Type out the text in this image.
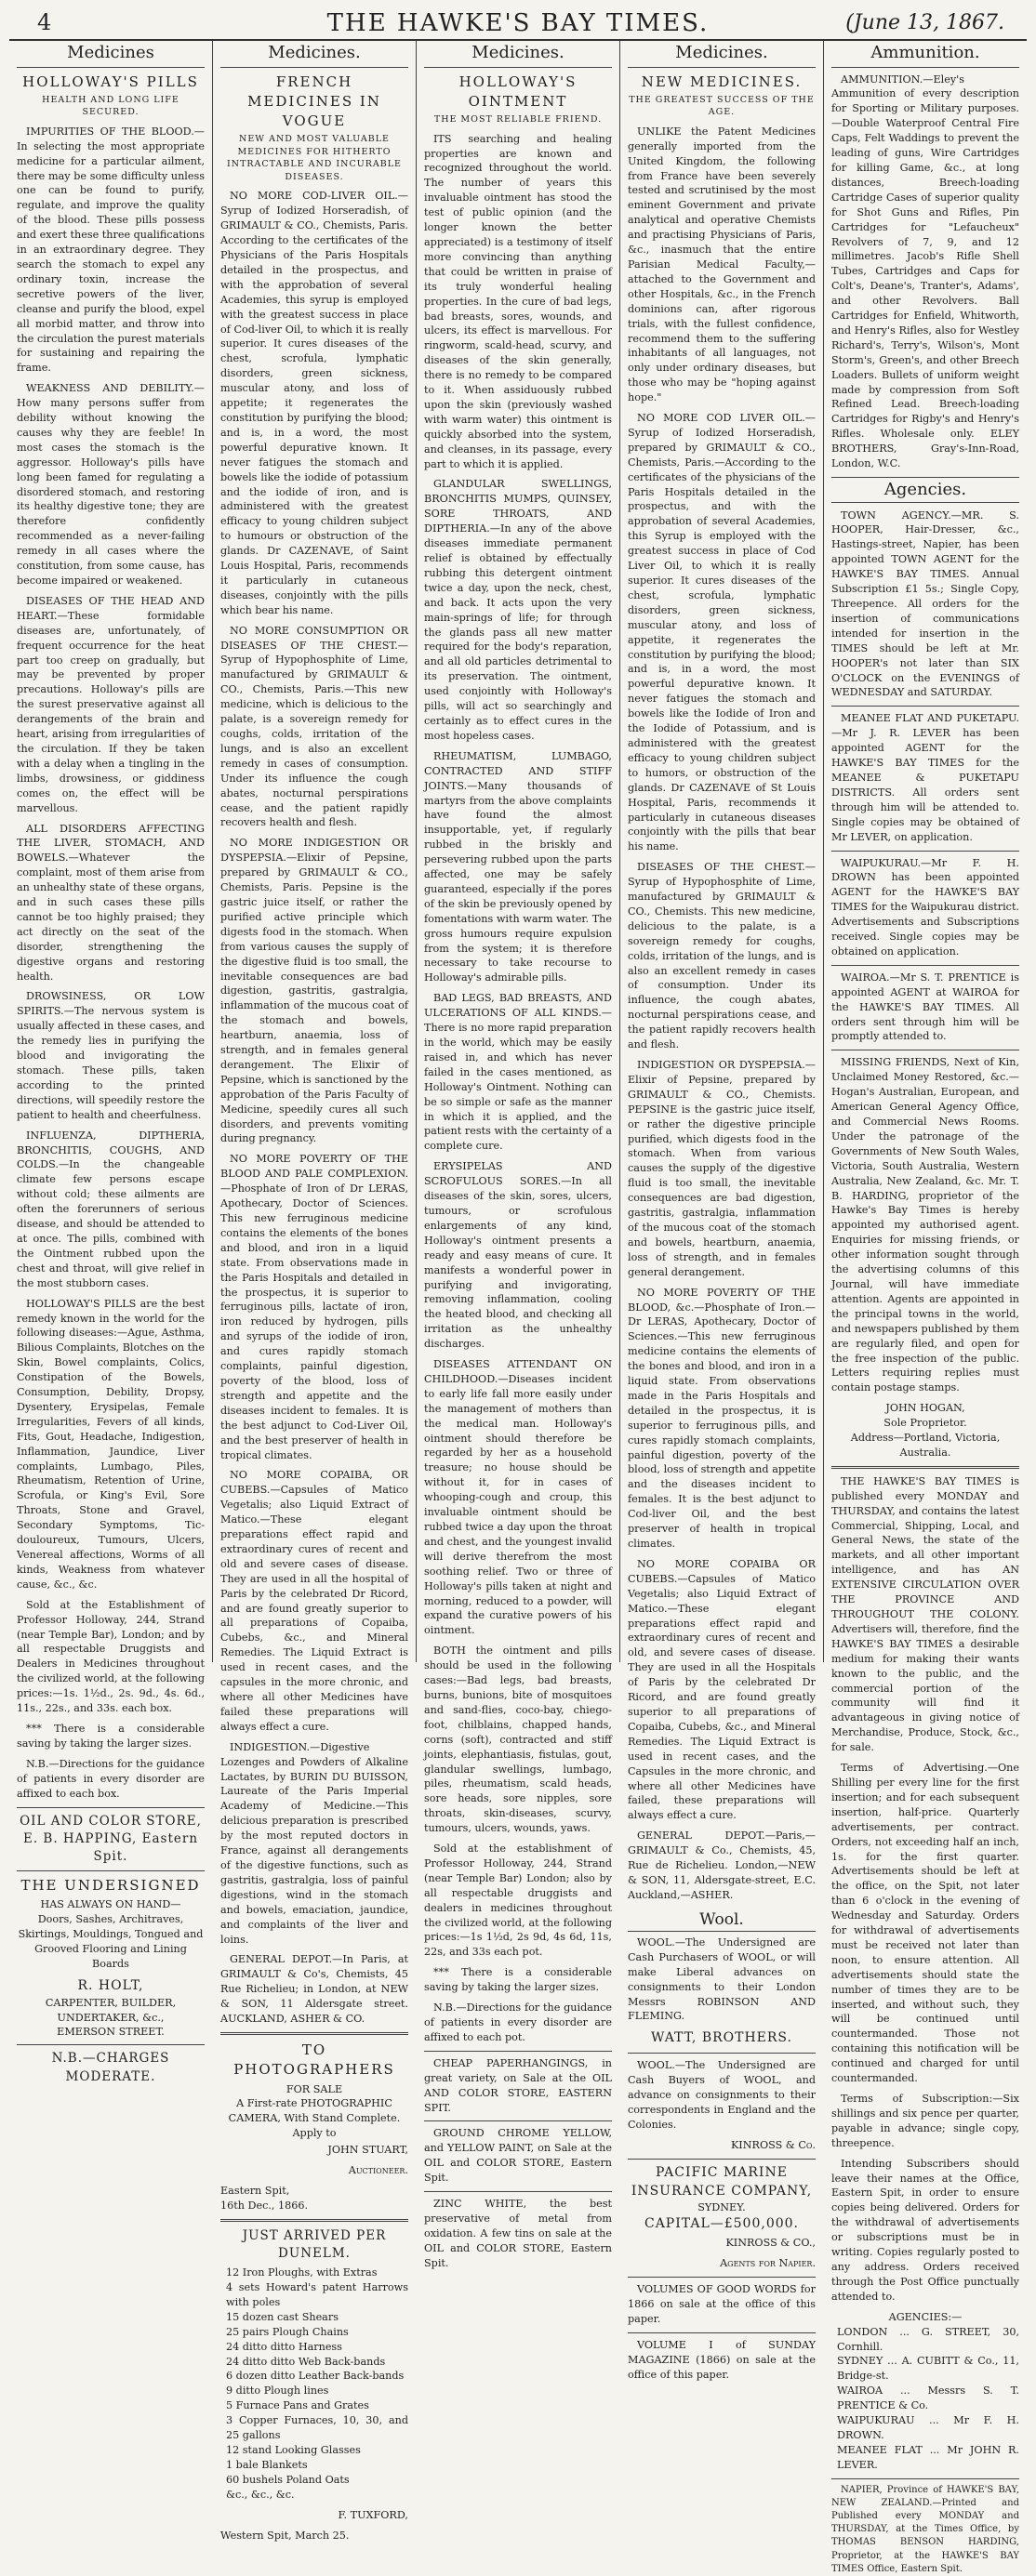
4	THE HAWKE'S BAY TIMES.	(June 13, 1867.
Medicines
HOLLOWAY'S PILLS
HEALTH AND LONG LIFE SECURED.

IMPURITIES OF THE BLOOD.—In selecting the most appropriate medicine for a particular ailment, there may be some difficulty unless one can be found to purify, regulate, and improve the quality of the blood. These pills possess and exert these three qualifications in an extraordinary degree. They search the stomach to expel any ordinary toxin, increase the secretive powers of the liver, cleanse and purify the blood, expel all morbid matter, and throw into the circulation the purest materials for sustaining and repairing the frame.

WEAKNESS AND DEBILITY.—How many persons suffer from debility without knowing the causes why they are feeble! In most cases the stomach is the aggressor. Holloway's pills have long been famed for regulating a disordered stomach, and restoring its healthy digestive tone; they are therefore confidently recommended as a never-failing remedy in all cases where the constitution, from some cause, has become impaired or weakened.

DISEASES OF THE HEAD AND HEART.—These formidable diseases are, unfortunately, of frequent occurrence for the heat part too creep on gradually, but may be prevented by proper precautions. Holloway's pills are the surest preservative against all derangements of the brain and heart, arising from irregularities of the circulation. If they be taken with a delay when a tingling in the limbs, drowsiness, or giddiness comes on, the effect will be marvellous.

ALL DISORDERS AFFECTING THE LIVER, STOMACH, AND BOWELS.—Whatever the complaint, most of them arise from an unhealthy state of these organs, and in such cases these pills cannot be too highly praised; they act directly on the seat of the disorder, strengthening the digestive organs and restoring health.

DROWSINESS, OR LOW SPIRITS.—The nervous system is usually affected in these cases, and the remedy lies in purifying the blood and invigorating the stomach. These pills, taken according to the printed directions, will speedily restore the patient to health and cheerfulness.

INFLUENZA, DIPTHERIA, BRONCHITIS, COUGHS, AND COLDS.—In the changeable climate few persons escape without cold; these ailments are often the forerunners of serious disease, and should be attended to at once. The pills, combined with the Ointment rubbed upon the chest and throat, will give relief in the most stubborn cases.

HOLLOWAY'S PILLS are the best remedy known in the world for the following diseases:—Ague, Asthma, Bilious Complaints, Blotches on the Skin, Bowel complaints, Colics, Constipation of the Bowels, Consumption, Debility, Dropsy, Dysentery, Erysipelas, Female Irregularities, Fevers of all kinds, Fits, Gout, Headache, Indigestion, Inflammation, Jaundice, Liver complaints, Lumbago, Piles, Rheumatism, Retention of Urine, Scrofula, or King's Evil, Sore Throats, Stone and Gravel, Secondary Symptoms, Tic-douloureux, Tumours, Ulcers, Venereal affections, Worms of all kinds, Weakness from whatever cause, &c., &c.

Sold at the Establishment of Professor Holloway, 244, Strand (near Temple Bar), London; and by all respectable Druggists and Dealers in Medicines throughout the civilized world, at the following prices:—1s. 1½d., 2s. 9d., 4s. 6d., 11s., 22s., and 33s. each box.

*** There is a considerable saving by taking the larger sizes.

N.B.—Directions for the guidance of patients in every disorder are affixed to each box.

OIL AND COLOR STORE, E. B. HAPPING, Eastern Spit.
THE UNDERSIGNED
HAS ALWAYS ON HAND—

Doors, Sashes, Architraves, Skirtings, Mouldings, Tongued and Grooved Flooring and Lining Boards

R. HOLT,
CARPENTER, BUILDER, UNDERTAKER, &c.,
EMERSON STREET.
N.B.—CHARGES MODERATE.
Medicines.
FRENCH MEDICINES IN VOGUE
NEW AND MOST VALUABLE MEDICINES FOR HITHERTO INTRACTABLE AND INCURABLE DISEASES.

NO MORE COD-LIVER OIL.—Syrup of Iodized Horseradish, of GRIMAULT & CO., Chemists, Paris. According to the certificates of the Physicians of the Paris Hospitals detailed in the prospectus, and with the approbation of several Academies, this syrup is employed with the greatest success in place of Cod-liver Oil, to which it is really superior. It cures diseases of the chest, scrofula, lymphatic disorders, green sickness, muscular atony, and loss of appetite; it regenerates the constitution by purifying the blood; and is, in a word, the most powerful depurative known. It never fatigues the stomach and bowels like the iodide of potassium and the iodide of iron, and is administered with the greatest efficacy to young children subject to humours or obstruction of the glands. Dr CAZENAVE, of Saint Louis Hospital, Paris, recommends it particularly in cutaneous diseases, conjointly with the pills which bear his name.

NO MORE CONSUMPTION OR DISEASES OF THE CHEST.—Syrup of Hypophosphite of Lime, manufactured by GRIMAULT & CO., Chemists, Paris.—This new medicine, which is delicious to the palate, is a sovereign remedy for coughs, colds, irritation of the lungs, and is also an excellent remedy in cases of consumption. Under its influence the cough abates, nocturnal perspirations cease, and the patient rapidly recovers health and flesh.

NO MORE INDIGESTION OR DYSPEPSIA.—Elixir of Pepsine, prepared by GRIMAULT & CO., Chemists, Paris. Pepsine is the gastric juice itself, or rather the purified active principle which digests food in the stomach. When from various causes the supply of the digestive fluid is too small, the inevitable consequences are bad digestion, gastritis, gastralgia, inflammation of the mucous coat of the stomach and bowels, heartburn, anaemia, loss of strength, and in females general derangement. The Elixir of Pepsine, which is sanctioned by the approbation of the Paris Faculty of Medicine, speedily cures all such disorders, and prevents vomiting during pregnancy.

NO MORE POVERTY OF THE BLOOD AND PALE COMPLEXION.—Phosphate of Iron of Dr LERAS, Apothecary, Doctor of Sciences. This new ferruginous medicine contains the elements of the bones and blood, and iron in a liquid state. From observations made in the Paris Hospitals and detailed in the prospectus, it is superior to ferruginous pills, lactate of iron, iron reduced by hydrogen, pills and syrups of the iodide of iron, and cures rapidly stomach complaints, painful digestion, poverty of the blood, loss of strength and appetite and the diseases incident to females. It is the best adjunct to Cod-Liver Oil, and the best preserver of health in tropical climates.

NO MORE COPAIBA, OR CUBEBS.—Capsules of Matico Vegetalis; also Liquid Extract of Matico.—These elegant preparations effect rapid and extraordinary cures of recent and old and severe cases of disease. They are used in all the hospital of Paris by the celebrated Dr Ricord, and are found greatly superior to all preparations of Copaiba, Cubebs, &c., and Mineral Remedies. The Liquid Extract is used in recent cases, and the capsules in the more chronic, and where all other Medicines have failed these preparations will always effect a cure.

INDIGESTION.—Digestive Lozenges and Powders of Alkaline Lactates, by BURIN DU BUISSON, Laureate of the Paris Imperial Academy of Medicine.—This delicious preparation is prescribed by the most reputed doctors in France, against all derangements of the digestive functions, such as gastritis, gastralgia, loss of painful digestions, wind in the stomach and bowels, emaciation, jaundice, and complaints of the liver and loins.

GENERAL DEPOT.—In Paris, at GRIMAULT & Co's, Chemists, 45 Rue Richelieu; in London, at NEW & SON, 11 Aldersgate street. AUCKLAND, ASHER & CO.

TO PHOTOGRAPHERS
FOR SALE
A First-rate PHOTOGRAPHIC CAMERA, With Stand Complete.
Apply to
JOHN STUART,
Auctioneer.
Eastern Spit,
16th Dec., 1866.
JUST ARRIVED PER DUNELM.
12 Iron Ploughs, with Extras
4 sets Howard's patent Harrows with poles
15 dozen cast Shears
25 pairs Plough Chains
24 ditto ditto Harness
24 ditto ditto Web Back-bands
6 dozen ditto Leather Back-bands
9 ditto Plough lines
5 Furnace Pans and Grates
3 Copper Furnaces, 10, 30, and 25 gallons
12 stand Looking Glasses
1 bale Blankets
60 bushels Poland Oats
&c., &c., &c.
F. TUXFORD,
Western Spit, March 25.
Medicines.
HOLLOWAY'S OINTMENT
THE MOST RELIABLE FRIEND.

ITS searching and healing properties are known and recognized throughout the world. The number of years this invaluable ointment has stood the test of public opinion (and the longer known the better appreciated) is a testimony of itself more convincing than anything that could be written in praise of its truly wonderful healing properties. In the cure of bad legs, bad breasts, sores, wounds, and ulcers, its effect is marvellous. For ringworm, scald-head, scurvy, and diseases of the skin generally, there is no remedy to be compared to it. When assiduously rubbed upon the skin (previously washed with warm water) this ointment is quickly absorbed into the system, and cleanses, in its passage, every part to which it is applied.

GLANDULAR SWELLINGS, BRONCHITIS MUMPS, QUINSEY, SORE THROATS, AND DIPTHERIA.—In any of the above diseases immediate permanent relief is obtained by effectually rubbing this detergent ointment twice a day, upon the neck, chest, and back. It acts upon the very main-springs of life; for through the glands pass all new matter required for the body's reparation, and all old particles detrimental to its preservation. The ointment, used conjointly with Holloway's pills, will act so searchingly and certainly as to effect cures in the most hopeless cases.

RHEUMATISM, LUMBAGO, CONTRACTED AND STIFF JOINTS.—Many thousands of martyrs from the above complaints have found the almost insupportable, yet, if regularly rubbed in the briskly and persevering rubbed upon the parts affected, one may be safely guaranteed, especially if the pores of the skin be previously opened by fomentations with warm water. The gross humours require expulsion from the system; it is therefore necessary to take recourse to Holloway's admirable pills.

BAD LEGS, BAD BREASTS, AND ULCERATIONS OF ALL KINDS.—There is no more rapid preparation in the world, which may be easily raised in, and which has never failed in the cases mentioned, as Holloway's Ointment. Nothing can be so simple or safe as the manner in which it is applied, and the patient rests with the certainty of a complete cure.

ERYSIPELAS AND SCROFULOUS SORES.—In all diseases of the skin, sores, ulcers, tumours, or scrofulous enlargements of any kind, Holloway's ointment presents a ready and easy means of cure. It manifests a wonderful power in purifying and invigorating, removing inflammation, cooling the heated blood, and checking all irritation as the unhealthy discharges.

DISEASES ATTENDANT ON CHILDHOOD.—Diseases incident to early life fall more easily under the management of mothers than the medical man. Holloway's ointment should therefore be regarded by her as a household treasure; no house should be without it, for in cases of whooping-cough and croup, this invaluable ointment should be rubbed twice a day upon the throat and chest, and the youngest invalid will derive therefrom the most soothing relief. Two or three of Holloway's pills taken at night and morning, reduced to a powder, will expand the curative powers of his ointment.

BOTH the ointment and pills should be used in the following cases:—Bad legs, bad breasts, burns, bunions, bite of mosquitoes and sand-flies, coco-bay, chiego-foot, chilblains, chapped hands, corns (soft), contracted and stiff joints, elephantiasis, fistulas, gout, glandular swellings, lumbago, piles, rheumatism, scald heads, sore heads, sore nipples, sore throats, skin-diseases, scurvy, tumours, ulcers, wounds, yaws.

Sold at the establishment of Professor Holloway, 244, Strand (near Temple Bar) London; also by all respectable druggists and dealers in medicines throughout the civilized world, at the following prices:—1s 1½d, 2s 9d, 4s 6d, 11s, 22s, and 33s each pot.

*** There is a considerable saving by taking the larger sizes.

N.B.—Directions for the guidance of patients in every disorder are affixed to each pot.

CHEAP PAPERHANGINGS, in great variety, on Sale at the OIL AND COLOR STORE, EASTERN SPIT.

GROUND CHROME YELLOW, and YELLOW PAINT, on Sale at the OIL and COLOR STORE, Eastern Spit.

ZINC WHITE, the best preservative of metal from oxidation. A few tins on sale at the OIL and COLOR STORE, Eastern Spit.

Medicines.
NEW MEDICINES.
THE GREATEST SUCCESS OF THE AGE.

UNLIKE the Patent Medicines generally imported from the United Kingdom, the following from France have been severely tested and scrutinised by the most eminent Government and private analytical and operative Chemists and practising Physicians of Paris, &c., inasmuch that the entire Parisian Medical Faculty,—attached to the Government and other Hospitals, &c., in the French dominions can, after rigorous trials, with the fullest confidence, recommend them to the suffering inhabitants of all languages, not only under ordinary diseases, but those who may be "hoping against hope."

NO MORE COD LIVER OIL.—Syrup of Iodized Horseradish, prepared by GRIMAULT & CO., Chemists, Paris.—According to the certificates of the physicians of the Paris Hospitals detailed in the prospectus, and with the approbation of several Academies, this Syrup is employed with the greatest success in place of Cod Liver Oil, to which it is really superior. It cures diseases of the chest, scrofula, lymphatic disorders, green sickness, muscular atony, and loss of appetite, it regenerates the constitution by purifying the blood; and is, in a word, the most powerful depurative known. It never fatigues the stomach and bowels like the Iodide of Iron and the Iodide of Potassium, and is administered with the greatest efficacy to young children subject to humors, or obstruction of the glands. Dr CAZENAVE of St Louis Hospital, Paris, recommends it particularly in cutaneous diseases conjointly with the pills that bear his name.

DISEASES OF THE CHEST.—Syrup of Hypophosphite of Lime, manufactured by GRIMAULT & CO., Chemists. This new medicine, delicious to the palate, is a sovereign remedy for coughs, colds, irritation of the lungs, and is also an excellent remedy in cases of consumption. Under its influence, the cough abates, nocturnal perspirations cease, and the patient rapidly recovers health and flesh.

INDIGESTION OR DYSPEPSIA.—Elixir of Pepsine, prepared by GRIMAULT & CO., Chemists. PEPSINE is the gastric juice itself, or rather the digestive principle purified, which digests food in the stomach. When from various causes the supply of the digestive fluid is too small, the inevitable consequences are bad digestion, gastritis, gastralgia, inflammation of the mucous coat of the stomach and bowels, heartburn, anaemia, loss of strength, and in females general derangement.

NO MORE POVERTY OF THE BLOOD, &c.—Phosphate of Iron.—Dr LERAS, Apothecary, Doctor of Sciences.—This new ferruginous medicine contains the elements of the bones and blood, and iron in a liquid state. From observations made in the Paris Hospitals and detailed in the prospectus, it is superior to ferruginous pills, and cures rapidly stomach complaints, painful digestion, poverty of the blood, loss of strength and appetite and the diseases incident to females. It is the best adjunct to Cod-liver Oil, and the best preserver of health in tropical climates.

NO MORE COPAIBA OR CUBEBS.—Capsules of Matico Vegetalis; also Liquid Extract of Matico.—These elegant preparations effect rapid and extraordinary cures of recent and old, and severe cases of disease. They are used in all the Hospitals of Paris by the celebrated Dr Ricord, and are found greatly superior to all preparations of Copaiba, Cubebs, &c., and Mineral Remedies. The Liquid Extract is used in recent cases, and the Capsules in the more chronic, and where all other Medicines have failed, these preparations will always effect a cure.

GENERAL DEPOT.—Paris,—GRIMAULT & Co., Chemists, 45, Rue de Richelieu. London,—NEW & SON, 11, Aldersgate-street, E.C. Auckland,—ASHER.

Wool.

WOOL.—The Undersigned are Cash Purchasers of WOOL, or will make Liberal advances on consignments to their London Messrs ROBINSON AND FLEMING.

WATT, BROTHERS.

WOOL.—The Undersigned are Cash Buyers of WOOL, and advance on consignments to their correspondents in England and the Colonies.

KINROSS & Co.
PACIFIC MARINE INSURANCE COMPANY,
SYDNEY.
CAPITAL—£500,000.
KINROSS & CO.,
Agents for Napier.

VOLUMES OF GOOD WORDS for 1866 on sale at the office of this paper.

VOLUME I of SUNDAY MAGAZINE (1866) on sale at the office of this paper.

Ammunition.

AMMUNITION.—Eley's Ammunition of every description for Sporting or Military purposes.—Double Waterproof Central Fire Caps, Felt Waddings to prevent the leading of guns, Wire Cartridges for killing Game, &c., at long distances, Breech-loading Cartridge Cases of superior quality for Shot Guns and Rifles, Pin Cartridges for "Lefaucheux" Revolvers of 7, 9, and 12 millimetres. Jacob's Rifle Shell Tubes, Cartridges and Caps for Colt's, Deane's, Tranter's, Adams', and other Revolvers. Ball Cartridges for Enfield, Whitworth, and Henry's Rifles, also for Westley Richard's, Terry's, Wilson's, Mont Storm's, Green's, and other Breech Loaders. Bullets of uniform weight made by compression from Soft Refined Lead. Breech-loading Cartridges for Rigby's and Henry's Rifles. Wholesale only. ELEY BROTHERS, Gray's-Inn-Road, London, W.C.

Agencies.

TOWN AGENCY.—MR. S. HOOPER, Hair-Dresser, &c., Hastings-street, Napier, has been appointed TOWN AGENT for the HAWKE'S BAY TIMES. Annual Subscription £1 5s.; Single Copy, Threepence. All orders for the insertion of communications intended for insertion in the TIMES should be left at Mr. HOOPER's not later than SIX O'CLOCK on the EVENINGS of WEDNESDAY and SATURDAY.

MEANEE FLAT AND PUKETAPU.—Mr J. R. LEVER has been appointed AGENT for the HAWKE'S BAY TIMES for the MEANEE & PUKETAPU DISTRICTS. All orders sent through him will be attended to. Single copies may be obtained of Mr LEVER, on application.

WAIPUKURAU.—Mr F. H. DROWN has been appointed AGENT for the HAWKE'S BAY TIMES for the Waipukurau district. Advertisements and Subscriptions received. Single copies may be obtained on application.

WAIROA.—Mr S. T. PRENTICE is appointed AGENT at WAIROA for the HAWKE'S BAY TIMES. All orders sent through him will be promptly attended to.

MISSING FRIENDS, Next of Kin, Unclaimed Money Restored, &c.—Hogan's Australian, European, and American General Agency Office, and Commercial News Rooms. Under the patronage of the Governments of New South Wales, Victoria, South Australia, Western Australia, New Zealand, &c. Mr. T. B. HARDING, proprietor of the Hawke's Bay Times is hereby appointed my authorised agent. Enquiries for missing friends, or other information sought through the advertising columns of this Journal, will have immediate attention. Agents are appointed in the principal towns in the world, and newspapers published by them are regularly filed, and open for the free inspection of the public. Letters requiring replies must contain postage stamps.

JOHN HOGAN,
Sole Proprietor.
Address—Portland, Victoria, Australia.

THE HAWKE'S BAY TIMES is published every MONDAY and THURSDAY, and contains the latest Commercial, Shipping, Local, and General News, the state of the markets, and all other important intelligence, and has AN EXTENSIVE CIRCULATION OVER THE PROVINCE AND THROUGHOUT THE COLONY. Advertisers will, therefore, find the HAWKE'S BAY TIMES a desirable medium for making their wants known to the public, and the commercial portion of the community will find it advantageous in giving notice of Merchandise, Produce, Stock, &c., for sale.

Terms of Advertising.—One Shilling per every line for the first insertion; and for each subsequent insertion, half-price. Quarterly advertisements, per contract. Orders, not exceeding half an inch, 1s. for the first quarter. Advertisements should be left at the office, on the Spit, not later than 6 o'clock in the evening of Wednesday and Saturday. Orders for withdrawal of advertisements must be received not later than noon, to ensure attention. All advertisements should state the number of times they are to be inserted, and without such, they will be continued until countermanded. Those not containing this notification will be continued and charged for until countermanded.

Terms of Subscription:—Six shillings and six pence per quarter, payable in advance; single copy, threepence.

Intending Subscribers should leave their names at the Office, Eastern Spit, in order to ensure copies being delivered. Orders for the withdrawal of advertisements or subscriptions must be in writing. Copies regularly posted to any address. Orders received through the Post Office punctually attended to.

AGENCIES:—
LONDON ... G. STREET, 30, Cornhill.
SYDNEY ... A. CUBITT & Co., 11, Bridge-st.
WAIROA ... Messrs S. T. PRENTICE & Co.
WAIPUKURAU ... Mr F. H. DROWN.
MEANEE FLAT ... Mr JOHN R. LEVER.

NAPIER, Province of HAWKE'S BAY, NEW ZEALAND.—Printed and Published every MONDAY and THURSDAY, at the Times Office, by THOMAS BENSON HARDING, Proprietor, at the HAWKE'S BAY TIMES Office, Eastern Spit.
